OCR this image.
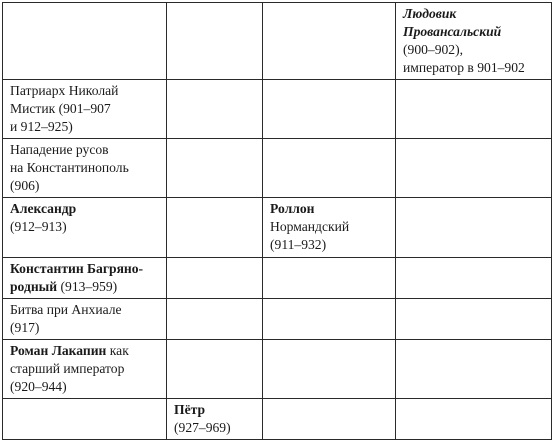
			Людовик
Провансальский
(900–902),
император в 901–902

Патриарх Николай
Мистик (901–907
и 912–925)			

Нападение русов
на Константинополь
(906)			

Александр
(912–913)		Роллон
Нормандский
(911–932)	

Константин Багряно-
родный (913–959)			

Битва при Анхиале
(917)			

Роман Лакапин как
старший император
(920–944)			

	Пётр
(927–969)		
